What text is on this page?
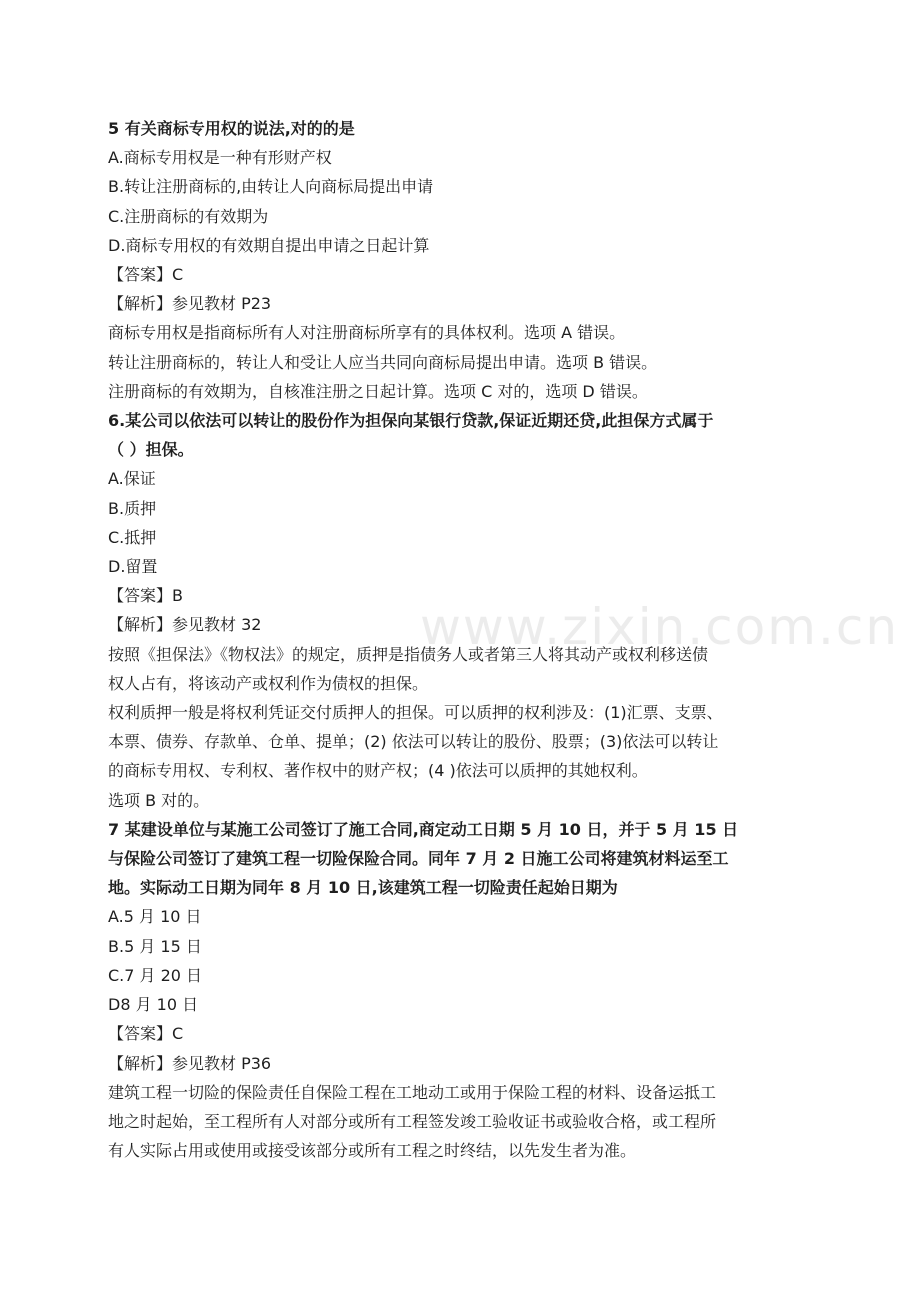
www.zixin.com.cn

5 有关商标专用权的说法,对的的是

A.商标专用权是一种有形财产权

B.转让注册商标的,由转让人向商标局提出申请

C.注册商标的有效期为

D.商标专用权的有效期自提出申请之日起计算

【答案】C

【解析】参见教材 P23

商标专用权是指商标所有人对注册商标所享有的具体权利。选项 A 错误。

转让注册商标的，转让人和受让人应当共同向商标局提出申请。选项 B 错误。

注册商标的有效期为，自核准注册之日起计算。选项 C 对的，选项 D 错误。

6.某公司以依法可以转让的股份作为担保向某银行贷款,保证近期还贷,此担保方式属于

（ ）担保。

A.保证

B.质押

C.抵押

D.留置

【答案】B

【解析】参见教材 32

按照《担保法》《物权法》的规定，质押是指债务人或者第三人将其动产或权利移送债

权人占有，将该动产或权利作为债权的担保。

权利质押一般是将权利凭证交付质押人的担保。可以质押的权利涉及：(1)汇票、支票、

本票、债券、存款单、仓单、提单；(2) 依法可以转让的股份、股票；(3)依法可以转让

的商标专用权、专利权、著作权中的财产权；(4 )依法可以质押的其她权利。

选项 B 对的。

7 某建设单位与某施工公司签订了施工合同,商定动工日期 5 月 10 日，并于 5 月 15 日

与保险公司签订了建筑工程一切险保险合同。同年 7 月 2 日施工公司将建筑材料运至工

地。实际动工日期为同年 8 月 10 日,该建筑工程一切险责任起始日期为

A.5 月 10 日

B.5 月 15 日

C.7 月 20 日

D8 月 10 日

【答案】C

【解析】参见教材 P36

建筑工程一切险的保险责任自保险工程在工地动工或用于保险工程的材料、设备运抵工

地之时起始，至工程所有人对部分或所有工程签发竣工验收证书或验收合格，或工程所

有人实际占用或使用或接受该部分或所有工程之时终结，以先发生者为准。
